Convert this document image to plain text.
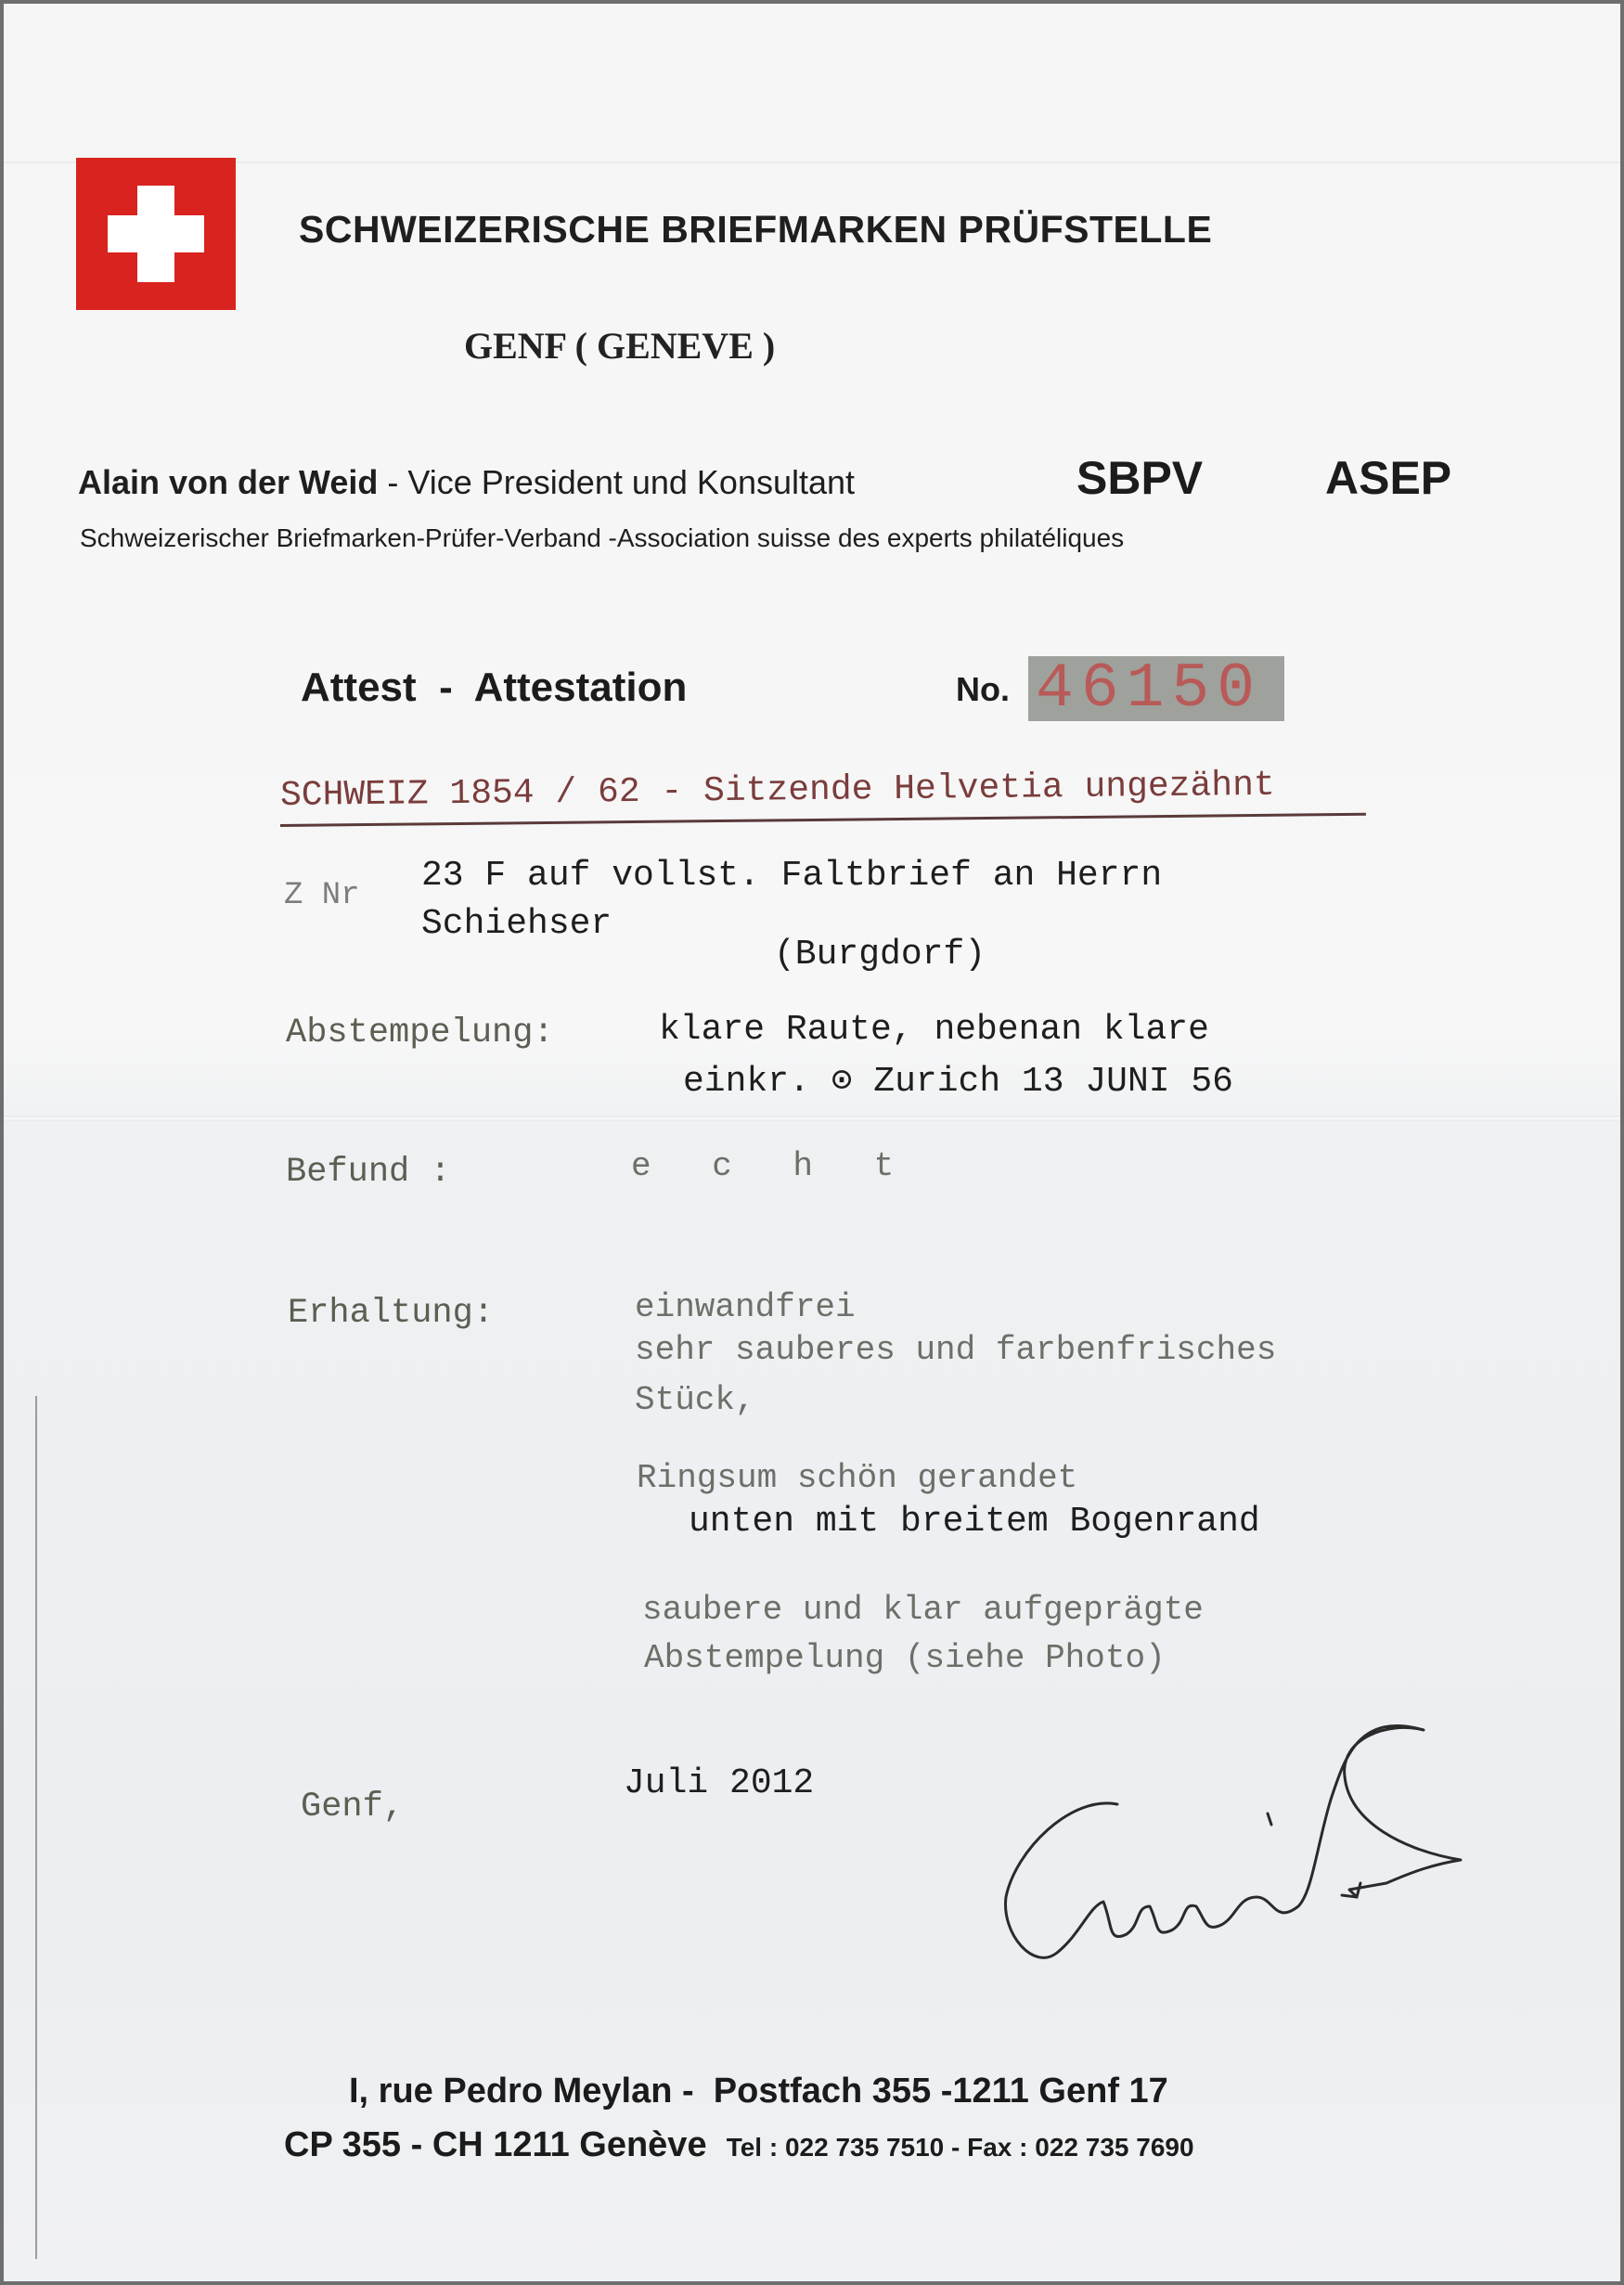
SCHWEIZERISCHE BRIEFMARKEN PRÜFSTELLE
GENF ( GENEVE )
Alain von der Weid - Vice President und Konsultant	SBPV	ASEP
Schweizerischer Briefmarken-Prüfer-Verband -Association suisse des experts philatéliques
Attest  -  Attestation	No. 46150
SCHWEIZ 1854 / 62 - Sitzende Helvetia ungezähnt
Z Nr 23 F auf vollst. Faltbrief an Herrn
Schiehser
(Burgdorf)
Abstempelung:	klare Raute, nebenan klare
einkr. ⊙ Zurich 13 JUNI 56
Befund :	e c h t
Erhaltung:	einwandfrei
sehr sauberes und farbenfrisches
Stück,
Ringsum schön gerandet
unten mit breitem Bogenrand
saubere und klar aufgeprägte
Abstempelung (siehe Photo)
Genf,
Juli 2012
I, rue Pedro Meylan -  Postfach 355 -1211 Genf 17
CP 355 - CH 1211 Genève Tel : 022 735 7510 - Fax : 022 735 7690
